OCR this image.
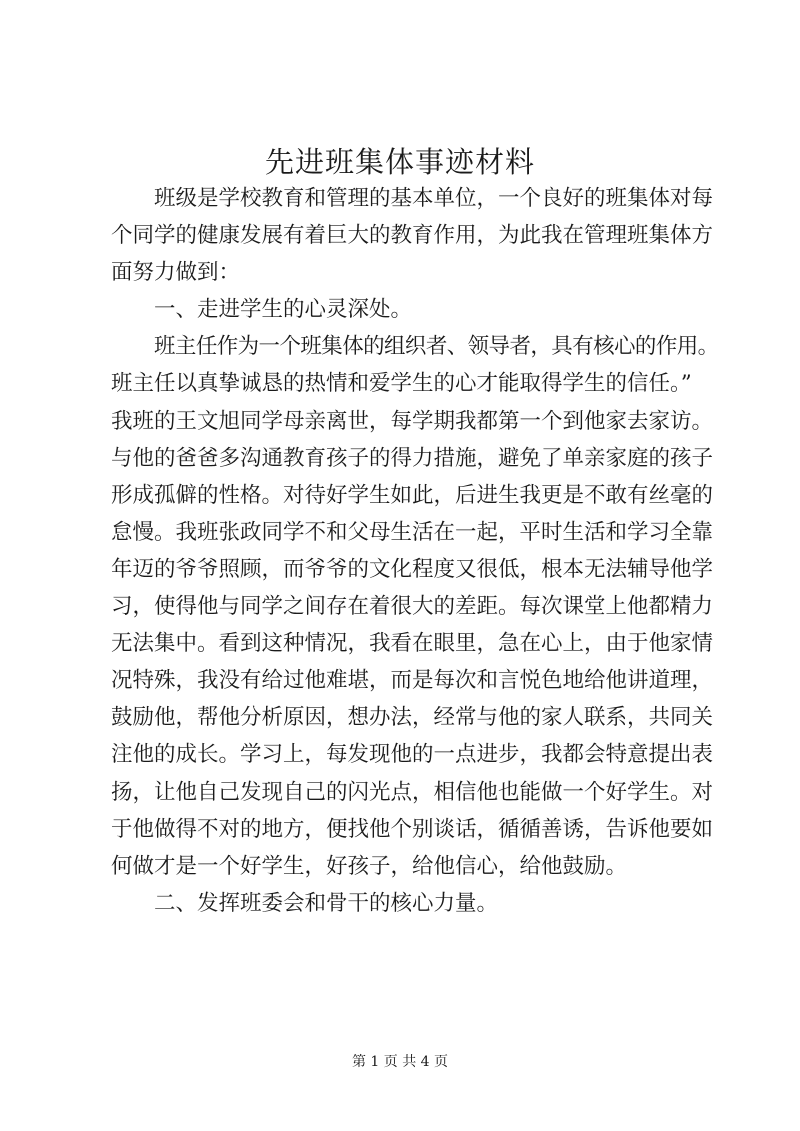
先进班集体事迹材料
班级是学校教育和管理的基本单位，一个良好的班集体对每
个同学的健康发展有着巨大的教育作用，为此我在管理班集体方
面努力做到：
一、走进学生的心灵深处。
班主任作为一个班集体的组织者、领导者，具有核心的作用。
班主任以真挚诚恳的热情和爱学生的心才能取得学生的信任。”
我班的王文旭同学母亲离世，每学期我都第一个到他家去家访。
与他的爸爸多沟通教育孩子的得力措施，避免了单亲家庭的孩子
形成孤僻的性格。对待好学生如此，后进生我更是不敢有丝毫的
怠慢。我班张政同学不和父母生活在一起，平时生活和学习全靠
年迈的爷爷照顾，而爷爷的文化程度又很低，根本无法辅导他学
习，使得他与同学之间存在着很大的差距。每次课堂上他都精力
无法集中。看到这种情况，我看在眼里，急在心上，由于他家情
况特殊，我没有给过他难堪，而是每次和言悦色地给他讲道理，
鼓励他，帮他分析原因，想办法，经常与他的家人联系，共同关
注他的成长。学习上，每发现他的一点进步，我都会特意提出表
扬，让他自己发现自己的闪光点，相信他也能做一个好学生。对
于他做得不对的地方，便找他个别谈话，循循善诱，告诉他要如
何做才是一个好学生，好孩子，给他信心，给他鼓励。
二、发挥班委会和骨干的核心力量。
第 1 页 共 4 页
